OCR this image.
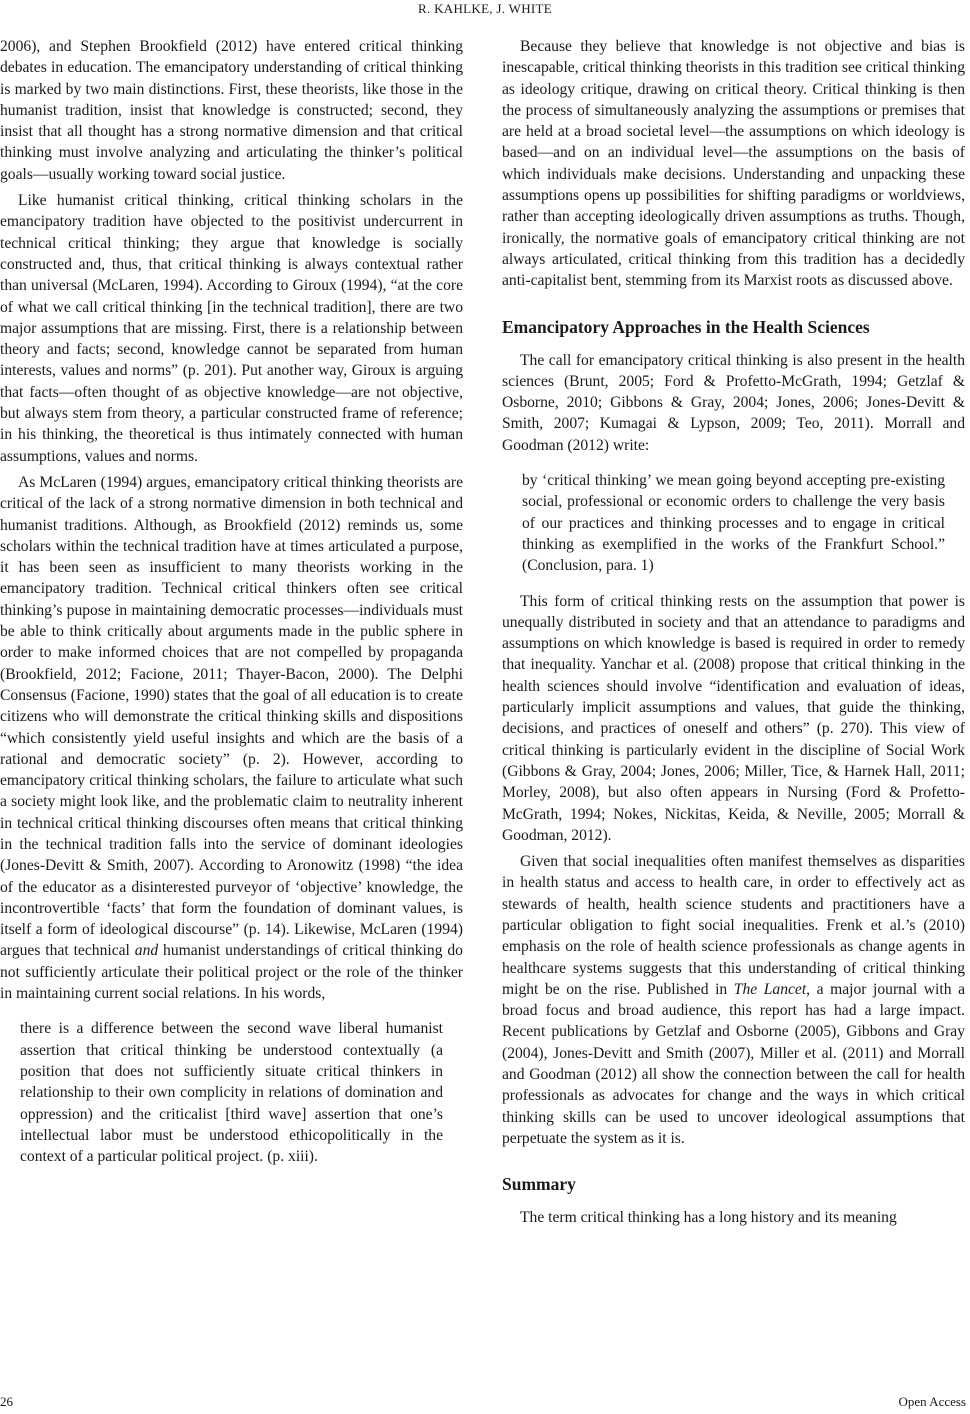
R. KAHLKE, J. WHITE

2006), and Stephen Brookfield (2012) have entered critical thinking debates in education. The emancipatory understanding of critical thinking is marked by two main distinctions. First, these theorists, like those in the humanist tradition, insist that knowledge is constructed; second, they insist that all thought has a strong normative dimension and that critical thinking must involve analyzing and articulating the thinker’s political goals—usually working toward social justice.

Like humanist critical thinking, critical thinking scholars in the emancipatory tradition have objected to the positivist undercurrent in technical critical thinking; they argue that knowledge is socially constructed and, thus, that critical thinking is always contextual rather than universal (McLaren, 1994). According to Giroux (1994), “at the core of what we call critical thinking [in the technical tradition], there are two major assumptions that are missing. First, there is a relationship between theory and facts; second, knowledge cannot be separated from human interests, values and norms” (p. 201). Put another way, Giroux is arguing that facts—often thought of as objective knowledge—are not objective, but always stem from theory, a particular constructed frame of reference; in his thinking, the theoretical is thus intimately connected with human assumptions, values and norms.

As McLaren (1994) argues, emancipatory critical thinking theorists are critical of the lack of a strong normative dimension in both technical and humanist traditions. Although, as Brookfield (2012) reminds us, some scholars within the technical tradition have at times articulated a purpose, it has been seen as insufficient to many theorists working in the emancipatory tradition. Technical critical thinkers often see critical thinking’s pupose in maintaining democratic processes—individuals must be able to think critically about arguments made in the public sphere in order to make informed choices that are not compelled by propaganda (Brookfield, 2012; Facione, 2011; Thayer-Bacon, 2000). The Delphi Consensus (Facione, 1990) states that the goal of all education is to create citizens who will demonstrate the critical thinking skills and dispositions “which consistently yield useful insights and which are the basis of a rational and democratic society” (p. 2). However, according to emancipatory critical thinking scholars, the failure to articulate what such a society might look like, and the problematic claim to neutrality inherent in technical critical thinking discourses often means that critical thinking in the technical tradition falls into the service of dominant ideologies (Jones-Devitt & Smith, 2007). According to Aronowitz (1998) “the idea of the educator as a disinterested purveyor of ‘objective’ knowledge, the incontrovertible ‘facts’ that form the foundation of dominant values, is itself a form of ideological discourse” (p. 14). Likewise, McLaren (1994) argues that technical and humanist understandings of critical thinking do not sufficiently articulate their political project or the role of the thinker in maintaining current social relations. In his words,

there is a difference between the second wave liberal humanist assertion that critical thinking be understood contextually (a position that does not sufficiently situate critical thinkers in relationship to their own complicity in relations of domination and oppression) and the criticalist [third wave] assertion that one’s intellectual labor must be understood ethicopolitically in the context of a particular political project. (p. xiii).

Because they believe that knowledge is not objective and bias is inescapable, critical thinking theorists in this tradition see critical thinking as ideology critique, drawing on critical theory. Critical thinking is then the process of simultaneously analyzing the assumptions or premises that are held at a broad societal level—the assumptions on which ideology is based—and on an individual level—the assumptions on the basis of which individuals make decisions. Understanding and unpacking these assumptions opens up possibilities for shifting paradigms or worldviews, rather than accepting ideologically driven assumptions as truths. Though, ironically, the normative goals of emancipatory critical thinking are not always articulated, critical thinking from this tradition has a decidedly anti-capitalist bent, stemming from its Marxist roots as discussed above.

Emancipatory Approaches in the Health Sciences

The call for emancipatory critical thinking is also present in the health sciences (Brunt, 2005; Ford & Profetto-McGrath, 1994; Getzlaf & Osborne, 2010; Gibbons & Gray, 2004; Jones, 2006; Jones-Devitt & Smith, 2007; Kumagai & Lypson, 2009; Teo, 2011). Morrall and Goodman (2012) write:

by ‘critical thinking’ we mean going beyond accepting pre-existing social, professional or economic orders to challenge the very basis of our practices and thinking processes and to engage in critical thinking as exemplified in the works of the Frankfurt School.” (Conclusion, para. 1)

This form of critical thinking rests on the assumption that power is unequally distributed in society and that an attendance to paradigms and assumptions on which knowledge is based is required in order to remedy that inequality. Yanchar et al. (2008) propose that critical thinking in the health sciences should involve “identification and evaluation of ideas, particularly implicit assumptions and values, that guide the thinking, decisions, and practices of oneself and others” (p. 270). This view of critical thinking is particularly evident in the discipline of Social Work (Gibbons & Gray, 2004; Jones, 2006; Miller, Tice, & Harnek Hall, 2011; Morley, 2008), but also often appears in Nursing (Ford & Profetto-McGrath, 1994; Nokes, Nickitas, Keida, & Neville, 2005; Morrall & Goodman, 2012).

Given that social inequalities often manifest themselves as disparities in health status and access to health care, in order to effectively act as stewards of health, health science students and practitioners have a particular obligation to fight social inequalities. Frenk et al.’s (2010) emphasis on the role of health science professionals as change agents in healthcare systems suggests that this understanding of critical thinking might be on the rise. Published in The Lancet, a major journal with a broad focus and broad audience, this report has had a large impact. Recent publications by Getzlaf and Osborne (2005), Gibbons and Gray (2004), Jones-Devitt and Smith (2007), Miller et al. (2011) and Morrall and Goodman (2012) all show the connection between the call for health professionals as advocates for change and the ways in which critical thinking skills can be used to uncover ideological assumptions that perpetuate the system as it is.

Summary

The term critical thinking has a long history and its meaning

26	Open Access
